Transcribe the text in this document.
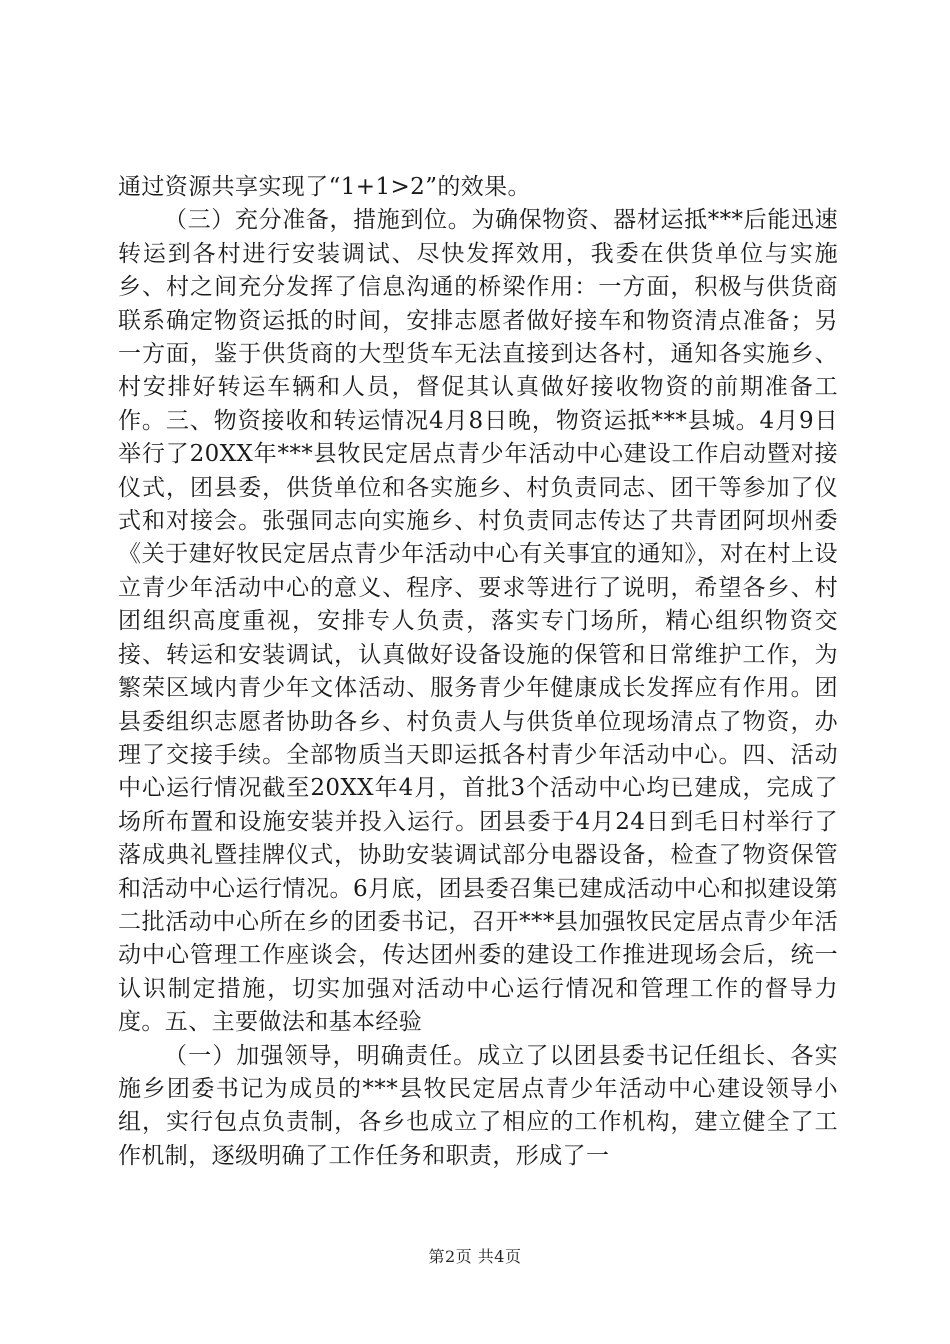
通过资源共享实现了“1+1>2”的效果。

（三）充分准备，措施到位。为确保物资、器材运抵***后能迅速转运到各村进行安装调试、尽快发挥效用，我委在供货单位与实施乡、村之间充分发挥了信息沟通的桥梁作用：一方面，积极与供货商联系确定物资运抵的时间，安排志愿者做好接车和物资清点准备；另一方面，鉴于供货商的大型货车无法直接到达各村，通知各实施乡、村安排好转运车辆和人员，督促其认真做好接收物资的前期准备工作。三、物资接收和转运情况4月8日晚，物资运抵***县城。4月9日举行了20XX年***县牧民定居点青少年活动中心建设工作启动暨对接仪式，团县委，供货单位和各实施乡、村负责同志、团干等参加了仪式和对接会。张强同志向实施乡、村负责同志传达了共青团阿坝州委《关于建好牧民定居点青少年活动中心有关事宜的通知》，对在村上设立青少年活动中心的意义、程序、要求等进行了说明，希望各乡、村团组织高度重视，安排专人负责，落实专门场所，精心组织物资交接、转运和安装调试，认真做好设备设施的保管和日常维护工作，为繁荣区域内青少年文体活动、服务青少年健康成长发挥应有作用。团县委组织志愿者协助各乡、村负责人与供货单位现场清点了物资，办理了交接手续。全部物质当天即运抵各村青少年活动中心。四、活动中心运行情况截至20XX年4月，首批3个活动中心均已建成，完成了场所布置和设施安装并投入运行。团县委于4月24日到毛日村举行了落成典礼暨挂牌仪式，协助安装调试部分电器设备，检查了物资保管和活动中心运行情况。6月底，团县委召集已建成活动中心和拟建设第二批活动中心所在乡的团委书记，召开***县加强牧民定居点青少年活动中心管理工作座谈会，传达团州委的建设工作推进现场会后，统一认识制定措施，切实加强对活动中心运行情况和管理工作的督导力度。五、主要做法和基本经验

（一）加强领导，明确责任。成立了以团县委书记任组长、各实施乡团委书记为成员的***县牧民定居点青少年活动中心建设领导小组，实行包点负责制，各乡也成立了相应的工作机构，建立健全了工作机制，逐级明确了工作任务和职责，形成了一

第2页 共4页
